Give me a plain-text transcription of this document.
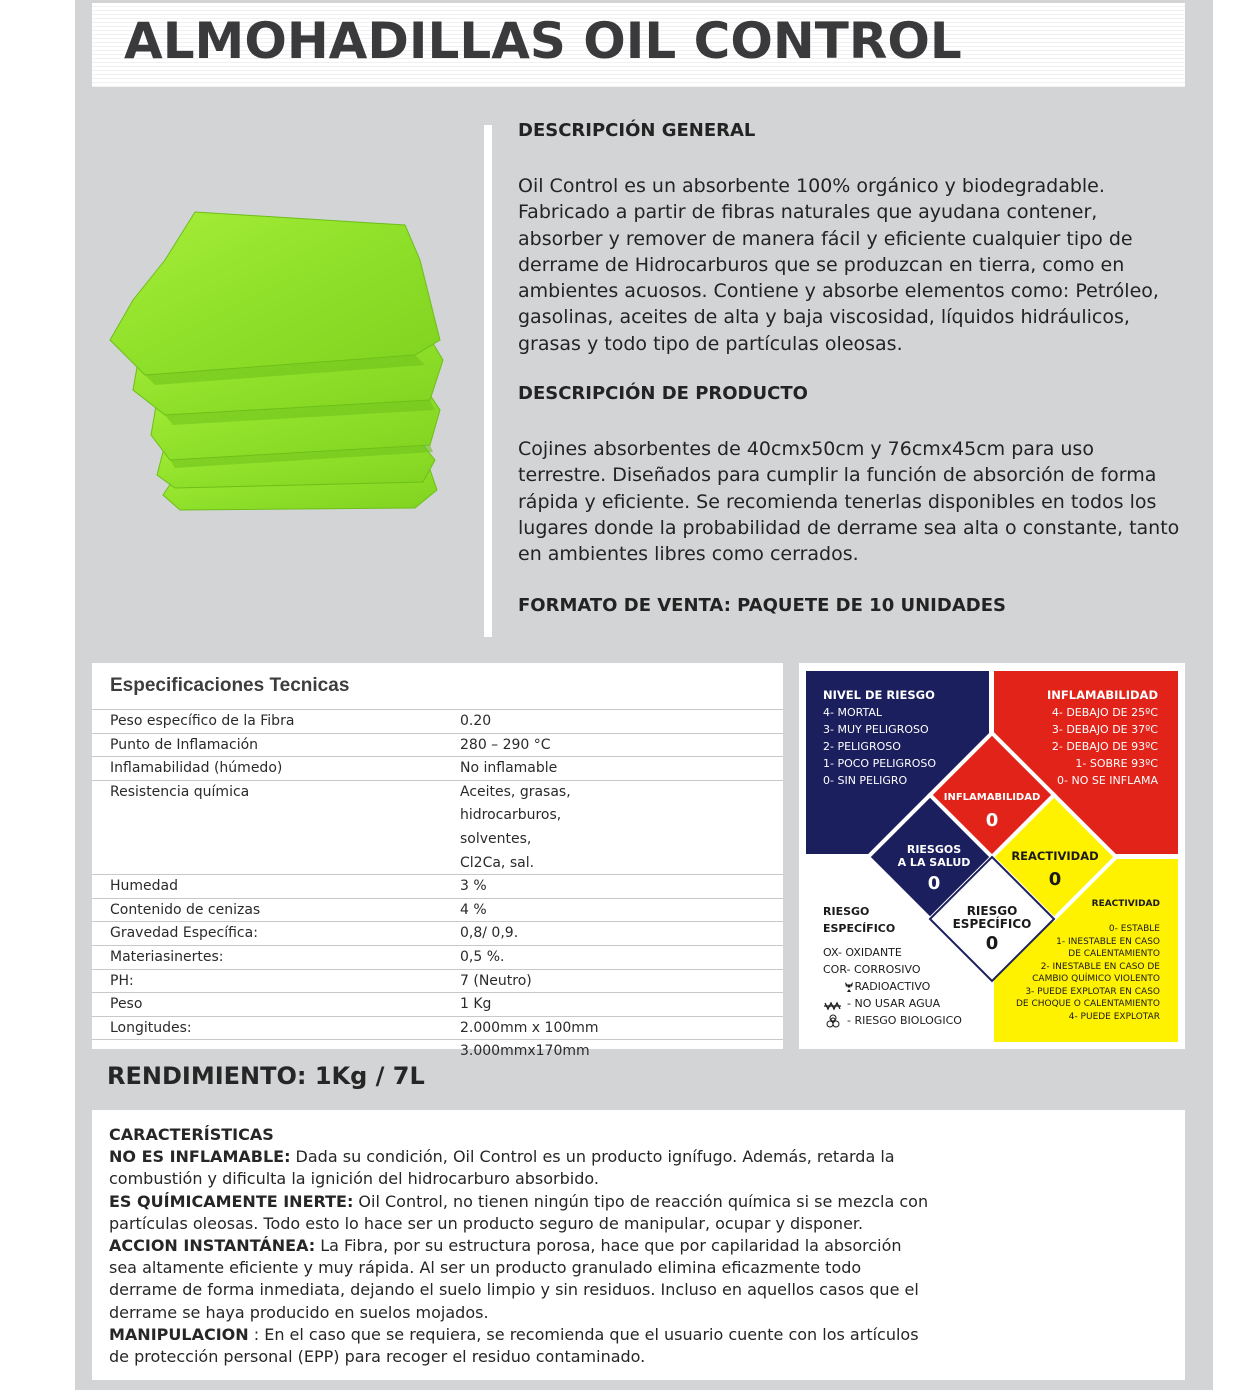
ALMOHADILLAS OIL CONTROL
DESCRIPCIÓN GENERAL

Oil Control es un absorbente 100% orgánico y biodegradable. Fabricado a partir de fibras naturales que ayudana contener, absorber y remover de manera fácil y eficiente cualquier tipo de derrame de Hidrocarburos que se produzcan en tierra, como en ambientes acuosos. Contiene y absorbe elementos como: Petróleo, gasolinas, aceites de alta y baja viscosidad, líquidos hidráulicos, grasas y todo tipo de partículas oleosas.

DESCRIPCIÓN DE PRODUCTO

Cojines absorbentes de 40cmx50cm y 76cmx45cm para uso terrestre. Diseñados para cumplir la función de absorción de forma rápida y eficiente. Se recomienda tenerlas disponibles en todos los lugares donde la probabilidad de derrame sea alta o constante, tanto en ambientes libres como cerrados.

FORMATO DE VENTA: PAQUETE DE 10 UNIDADES
Especificaciones Tecnicas
Peso específico de la Fibra	0.20
Punto de Inflamación	280 – 290 °C
Inflamabilidad (húmedo)	No inflamable
Resistencia química	Aceites, grasas,
hidrocarburos,
solventes,
Cl2Ca, sal.
Humedad	3 %
Contenido de cenizas	4 %
Gravedad Específica:	0,8/ 0,9.
Materiasinertes:	0,5 %.
PH:	7 (Neutro)
Peso	1 Kg
Longitudes:	2.000mm x 100mm
3.000mmx170mm
NIVEL DE RIESGO
4- MORTAL
3- MUY PELIGROSO
2- PELIGROSO
1- POCO PELIGROSO
0- SIN PELIGRO
INFLAMABILIDAD
4- DEBAJO DE 25ºC
3- DEBAJO DE 37ºC
2- DEBAJO DE 93ºC
1- SOBRE 93ºC
0- NO SE INFLAMA
RIESGO
ESPECÍFICO
OX- OXIDANTE
COR- CORROSIVO
- RADIOACTIVO
- NO USAR AGUA
- RIESGO BIOLOGICO
REACTIVIDAD
0- ESTABLE
1- INESTABLE EN CASO
DE CALENTAMIENTO
2- INESTABLE EN CASO DE
CAMBIO QUÍMICO VIOLENTO
3- PUEDE EXPLOTAR EN CASO
DE CHOQUE O CALENTAMIENTO
4- PUEDE EXPLOTAR
INFLAMABILIDAD
0
RIESGOS
A LA SALUD
0
REACTIVIDAD
0
RIESGO
ESPECÍFICO
0
RENDIMIENTO: 1Kg / 7L
CARACTERÍSTICAS
NO ES INFLAMABLE: Dada su condición, Oil Control es un producto ignífugo. Además, retarda la combustión y dificulta la ignición del hidrocarburo absorbido.
ES QUÍMICAMENTE INERTE: Oil Control, no tienen ningún tipo de reacción química si se mezcla con partículas oleosas. Todo esto lo hace ser un producto seguro de manipular, ocupar y disponer.
ACCION INSTANTÁNEA: La Fibra, por su estructura porosa, hace que por capilaridad la absorción sea altamente eficiente y muy rápida. Al ser un producto granulado elimina eficazmente todo derrame de forma inmediata, dejando el suelo limpio y sin residuos. Incluso en aquellos casos que el derrame se haya producido en suelos mojados.
MANIPULACION : En el caso que se requiera, se recomienda que el usuario cuente con los artículos de protección personal (EPP) para recoger el residuo contaminado.
